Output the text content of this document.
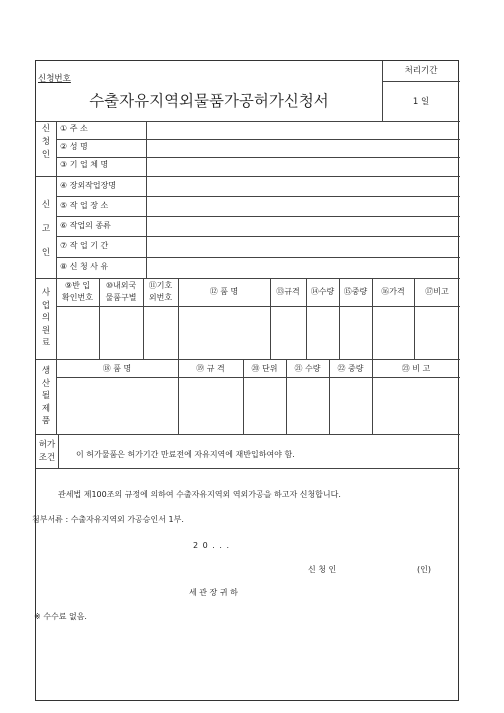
신청번호
수출자유지역외물품가공허가신청서
처리기간
1 일
신
청
인
① 주 소
② 성 명
③ 기 업 체 명
신
고
인
④ 장외작업장명
⑤ 작 업 장 소
⑥ 작업의 종류
⑦ 작 업 기 간
⑧ 신 청 사 유
사
업
의
원
료
⑨반 입
확인번호
⑩내외국
물품구별
⑪기호
외번호
⑫ 품 명	⑬규격	⑭수량	⑮중량	⑯가격	⑰비고
생
산
될
제
품
⑱ 품 명	⑲ 규 격	⑳ 단위	㉑ 수량	㉒ 중량	㉓ 비 고
허가
조건	이 허가물품은 허가기간 만료전에 자유지역에 재반입하여야 함.
관세법 제100조의 규정에 의하여 수출자유지역외 역외가공을 하고자 신청합니다.
첨부서류 : 수출자유지역외 가공승인서 1부.
2 0 . . .
신 청 인	(인)
세 관 장 귀 하
※ 수수료 없음.
